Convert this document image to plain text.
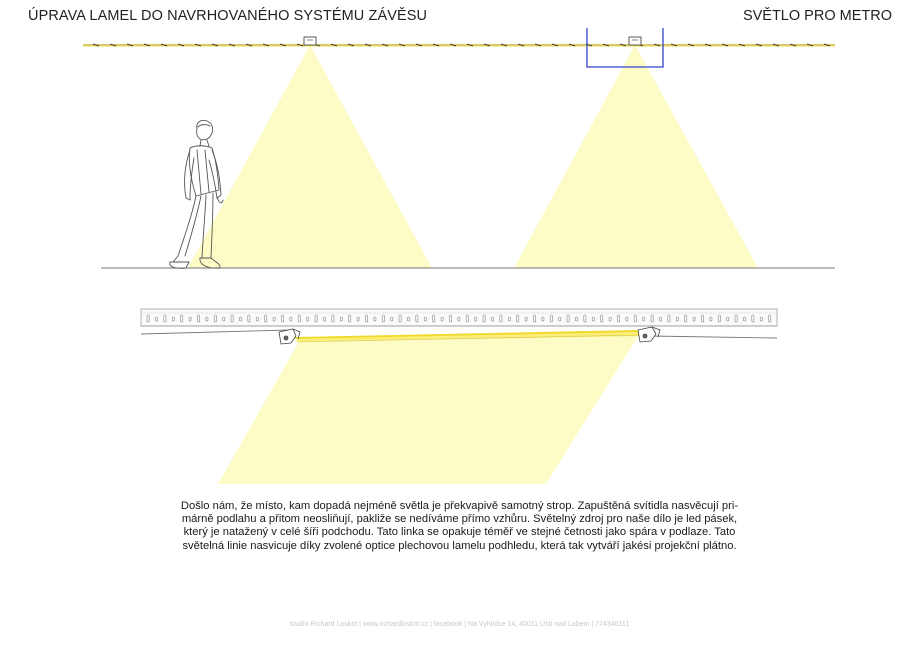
ÚPRAVA LAMEL DO NAVRHOVANÉHO SYSTÉMU ZÁVĚSU	SVĚTLO PRO METRO
Došlo nám, že místo, kam dopadá nejméně světla je překvapivě samotný strop. Zapuštěná svítidla nasvěcují pri-
márně podlahu a přitom neosliňují, pakliže se nedíváme přímo vzhůru. Světelný zdroj pro naše dílo je led pásek,
který je natažený v celé šíři podchodu. Tato linka se opakuje téměř ve stejné četnosti jako spára v podlaze. Tato
světelná linie nasvicuje díky zvolené optice plechovou lamelu podhledu, která tak vytváří jakési projekční plátno.
studio Richard Loskot | www.richardloskot.cz | facebook | Na Vyhlídce 14, 40011 Ústí nad Labem | 774340111
